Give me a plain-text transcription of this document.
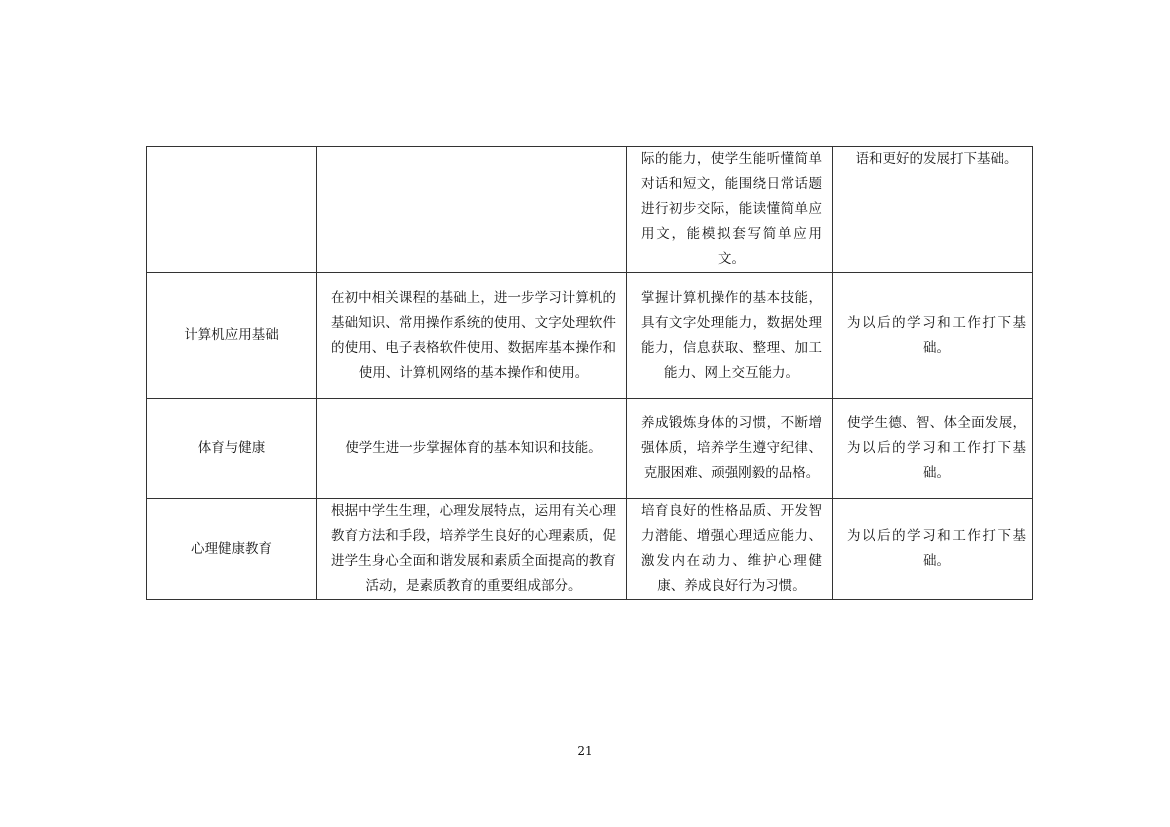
		际的能力，使学生能听懂简单对话和短文，能围绕日常话题进行初步交际，能读懂简单应用文，能模拟套写简单应用文。	语和更好的发展打下基础。
计算机应用基础	在初中相关课程的基础上，进一步学习计算机的基础知识、常用操作系统的使用、文字处理软件的使用、电子表格软件使用、数据库基本操作和使用、计算机网络的基本操作和使用。	掌握计算机操作的基本技能，具有文字处理能力，数据处理能力，信息获取、整理、加工能力、网上交互能力。	为以后的学习和工作打下基础。
体育与健康	使学生进一步掌握体育的基本知识和技能。	养成锻炼身体的习惯，不断增强体质，培养学生遵守纪律、克服困难、顽强刚毅的品格。	使学生德、智、体全面发展，为以后的学习和工作打下基础。
心理健康教育	根据中学生生理，心理发展特点，运用有关心理教育方法和手段，培养学生良好的心理素质，促进学生身心全面和谐发展和素质全面提高的教育活动，是素质教育的重要组成部分。	培育良好的性格品质、开发智力潜能、增强心理适应能力、激发内在动力、维护心理健康、养成良好行为习惯。	为以后的学习和工作打下基础。
21
